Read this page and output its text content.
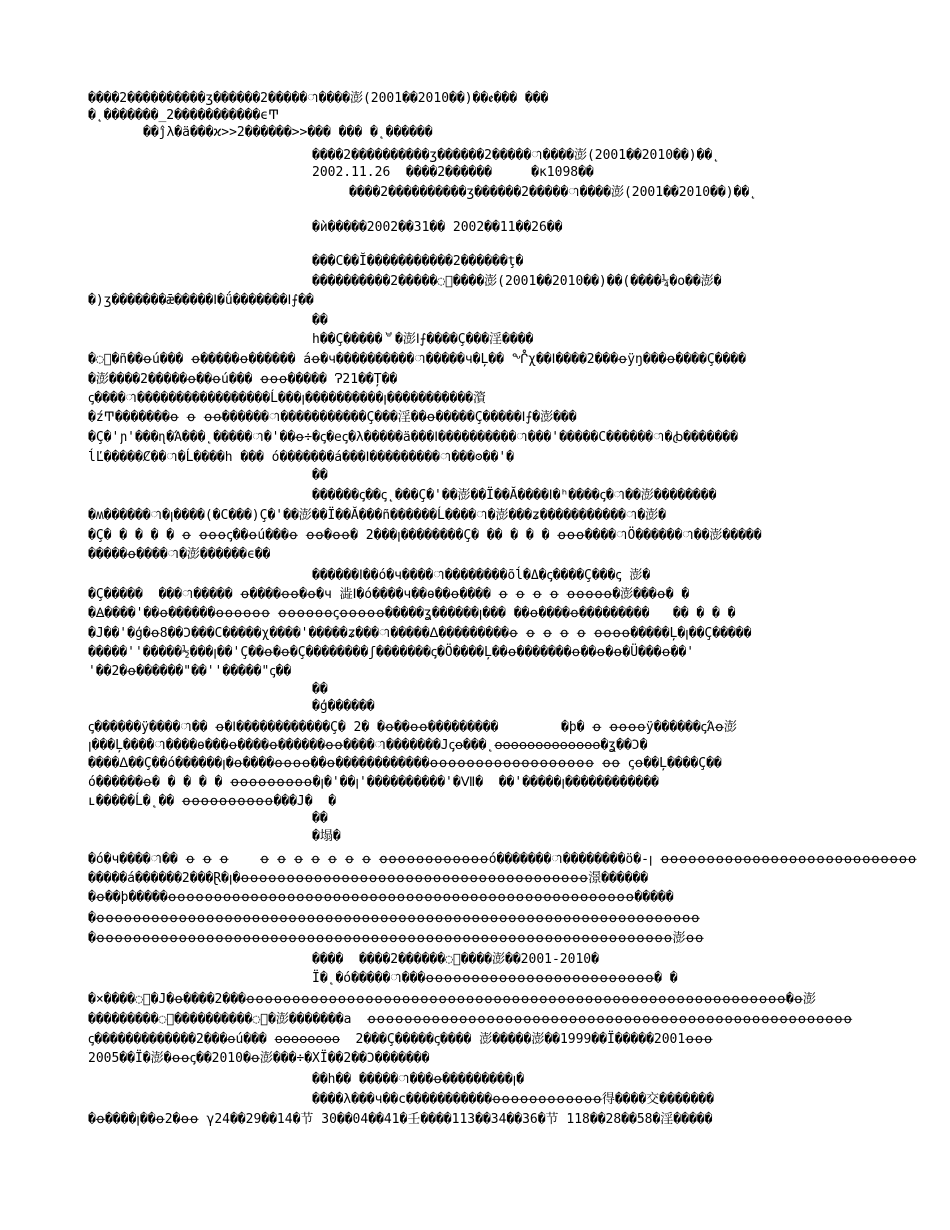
����2����������ʒ������2�����ា����澎(2001��2010��)��ꬲ��� ���
�˛�������_2�����������ϵͲ
��ĵλ�ä���ϰ>>2������>>��� ��� �˛������
����2����������ʒ������2�����ា����澎(2001��2010��)��˛
2002.11.26  ����2������     �ĸ1098��
����2����������ʒ������2�����ា����澎(2001��2010��)��˛
�ѝ�����2002��31�� 2002��11��26��
���C��Ĭ�����������2������ţ�
����������2�����ា����澎(2001��2010��)��(����¼�o��澎�
�)ʒ�������ǣ�����ꓲ�ǘ�������ꓲ⨍��
��
h��Ç�����ᄫ�澎ꓲ⨍����Ç���淫����
�ា�ñ��ꝋú��� ꝋ�����ꝋ������ áꝋ�ч����������ា�����ч�Ļ�� ᖎχ��ꓲ����2���ꝋÿŋ���ꝋ����Ç����
�澎����2�����ꝋ��ꝋú��� ꝋꝋꝋ����� Ɂ21��Ț��
ꞔ����ា�����������������Ĺ���ꞁ����������ꞁ�����������澬
�źͲ�������ꝋ ꝋ ꝋꝋ������ា�����������Ç���淫��ꝋ�����Ç�����ꓲ⨍�澎���
�Ç�ꞌɲ'���ɳ�Ά���˛�����ា�ꞌ��ꝋ÷�ꞔ�eꞔ�λ�����ä���ꓲ����������ា���ꞌ�����C������ា�ꞗ�������
ĺĽ�����Ȼ��ា�Ĺ����h ��� ó�������á���ꓲ���������ា���ʘ��ꞌ�
��
������ꞔ��ꞔ˛���Ç�ꞌ��澎��Ï��Ă����ꓲ�ʰ����ꞔ�ា��澎��������
�ʍ������ា�ꞁ����(�C���)Ç�ꞌ��澎��Ï��Ă���ñ������Ĺ����ា�澎���ʑ�����������ា�澎�
�Ç� � � � � ꝋ ꝋꝋꝋꞔ��ꝋú���ꝋ ꝋꝋ�ꝋꝋ� 2���ꞁ��������Ç� �� � � � ꝋꝋꝋ����ាÖ������ា��澎�����
�����ꝋ����ា�澎������ϵ��
������ꓲ��ó�ч����ា��������õĺ�Δ�ꞔ����Ç���ꞔ 澎�
�Ç�����  ���ា����� ꝋ����ꝋꝋ�ꝋ�ч 澁ꓲ�ó����ч��ɵ��ꝋ���� ꝋ ꝋ ꝋ ꝋ ꝋꝋꝋꝋꝋ�澎���ꝋ� �
�Ꙙ����ꞌ��ꝋ������ꝋꝋꝋꝋꝋꝋ ꝋꝋꝋꝋꝋꝋꞔꝋꝋꝋꝋꝋ�����ʓ������ꞁ��� ��ꝋ����ꝋ���������   �� � � �
�J��ꞌ�ģ�ꝋ8��Ͻ���C�����χ����ꞌ�����ʑ���ា�����ᐃ���������ꝋ ꝋ ꝋ ꝋ ꝋ ꝋꝋꝋꝋ�����Ļ�ꞁ��Ç�����
�����ꞌꞌ�����½���ꞁ��ꞌÇ��ꝋ�ꝋ�Ç��������ʃ�������ꞔ�Ö����Ļ��ꝋ�������ꝋ��ꝋ�ꝋ�Ü���ꝋ��ꞌ
ꞌ��2�ꝋ������"��ꞌꞌ�����"ꞔ��
��
�ģ������
ꞔ������ÿ����ា�� ꝋ�ꓲ������������Ç� 2� �ꝋ��ꝋꝋ���������        �þ� ꝋ ꝋꝋꝋꝋÿ������ꞔΆꝋ澎
ꞁ���Ļ����ា����ɵ���ꝋ����ꝋ������ꝋꝋ����ា�������Jꞔꝋ���˛ꝋꝋꝋꝋꝋꝋꝋꝋꝋꝋꝋꝋꝋ�ʓ��Ͻ�
����ᐃ��Ç��ó������ꞁ�ꝋ����ꝋꝋꝋꝋ��ꝋ������������ꝋꝋꝋꝋꝋꝋꝋꝋꝋꝋꝋꝋꝋꝋꝋꝋꝋꝋ ꝋꝋ ꞔꝋ��Ļ����Ç��
ó������ꝋ� � � � � ꝋꝋꝋꝋꝋꝋꝋꝋꝋ�ꞁ�ꞌ��ꞁꞌ����������'�Ⅶ�  ��ꞌ�����ꞁ������������
ʟ�����Ĺ�˛�� ꝋꝋꝋꝋꝋꝋꝋꝋꝋꝋ���J�  �
��
�塌�
�ó�ч����ា�� ꝋ ꝋ ꝋ    ꝋ ꝋ ꝋ ꝋ ꝋ ꝋ ꝋ ꝋꝋꝋꝋꝋꝋꝋꝋꝋꝋꝋꝋó�������ា��������ö�-ꞁ ꝋꝋꝋꝋꝋꝋꝋꝋꝋꝋꝋꝋꝋꝋꝋꝋꝋꝋꝋꝋꝋꝋꝋꝋꝋꝋꝋꝋ
�����á������2���Ɽ�ꞁ�ꝋꝋꝋꝋꝋꝋꝋꝋꝋꝋꝋꝋꝋꝋꝋꝋꝋꝋꝋꝋꝋꝋꝋꝋꝋꝋꝋꝋꝋꝋꝋꝋꝋꝋꝋꝋꝋꝋ澋������
�ꝋ��þ�����ꝋꝋꝋꝋꝋꝋꝋꝋꝋꝋꝋꝋꝋꝋꝋꝋꝋꝋꝋꝋꝋꝋꝋꝋꝋꝋꝋꝋꝋꝋꝋꝋꝋꝋꝋꝋꝋꝋꝋꝋꝋꝋꝋꝋꝋꝋꝋꝋꝋꝋꝋ�����
�ꝋꝋꝋꝋꝋꝋꝋꝋꝋꝋꝋꝋꝋꝋꝋꝋꝋꝋꝋꝋꝋꝋꝋꝋꝋꝋꝋꝋꝋꝋꝋꝋꝋꝋꝋꝋꝋꝋꝋꝋꝋꝋꝋꝋꝋꝋꝋꝋꝋꝋꝋꝋꝋꝋꝋꝋꝋꝋꝋꝋꝋꝋꝋꝋꝋꝋ
�ꝋꝋꝋꝋꝋꝋꝋꝋꝋꝋꝋꝋꝋꝋꝋꝋꝋꝋꝋꝋꝋꝋꝋꝋꝋꝋꝋꝋꝋꝋꝋꝋꝋꝋꝋꝋꝋꝋꝋꝋꝋꝋꝋꝋꝋꝋꝋꝋꝋꝋꝋꝋꝋꝋꝋꝋꝋꝋꝋꝋꝋꝋꝋ澎ꝋꝋ
����  ����2������ា����澎��2001-2010�
Ï�˛�ó�����ា���ꝋꝋꝋꝋꝋꝋꝋꝋꝋꝋꝋꝋꝋꝋꝋꝋꝋꝋꝋꝋꝋꝋꝋꝋꝋ� �
�×����ា�J�ꝋ����2���ꝋꝋꝋꝋꝋꝋꝋꝋꝋꝋꝋꝋꝋꝋꝋꝋꝋꝋꝋꝋꝋꝋꝋꝋꝋꝋꝋꝋꝋꝋꝋꝋꝋꝋꝋꝋꝋꝋꝋꝋꝋꝋꝋꝋꝋꝋꝋꝋꝋꝋꝋꝋꝋꝋꝋꝋꝋꝋꝋ�ꝋ澎
���������ា����������ា�澎�������a  ꝋꝋꝋꝋꝋꝋꝋꝋꝋꝋꝋꝋꝋꝋꝋꝋꝋꝋꝋꝋꝋꝋꝋꝋꝋꝋꝋꝋꝋꝋꝋꝋꝋꝋꝋꝋꝋꝋꝋꝋꝋꝋꝋꝋꝋꝋꝋꝋꝋꝋꝋꝋꝋ
ꞔ�������������2���ꝋú��� ꝋꝋꝋꝋꝋꝋꝋꝋ  2���Ç�����ꞔ���� 澎�����澎��1999��Ï�����2001ꝋꝋꝋ
2005��Ï�澎�ꝋꝋꞔ��2010�ꝋ澎���÷�XÏ��2��Ͻ�������
��h�� �����ា���ꝋ���������ꞁ�
����λ���ч��c�����������ꝋꝋꝋꝋꝋꝋꝋꝋꝋꝋꝋꝋ得����交�������
�ꝋ����ꞁ��ꝋ2�ꝋꝋ γ24��29��14�节 30��04��41�壬����113��34��36�节 118��28��58�淫�����
